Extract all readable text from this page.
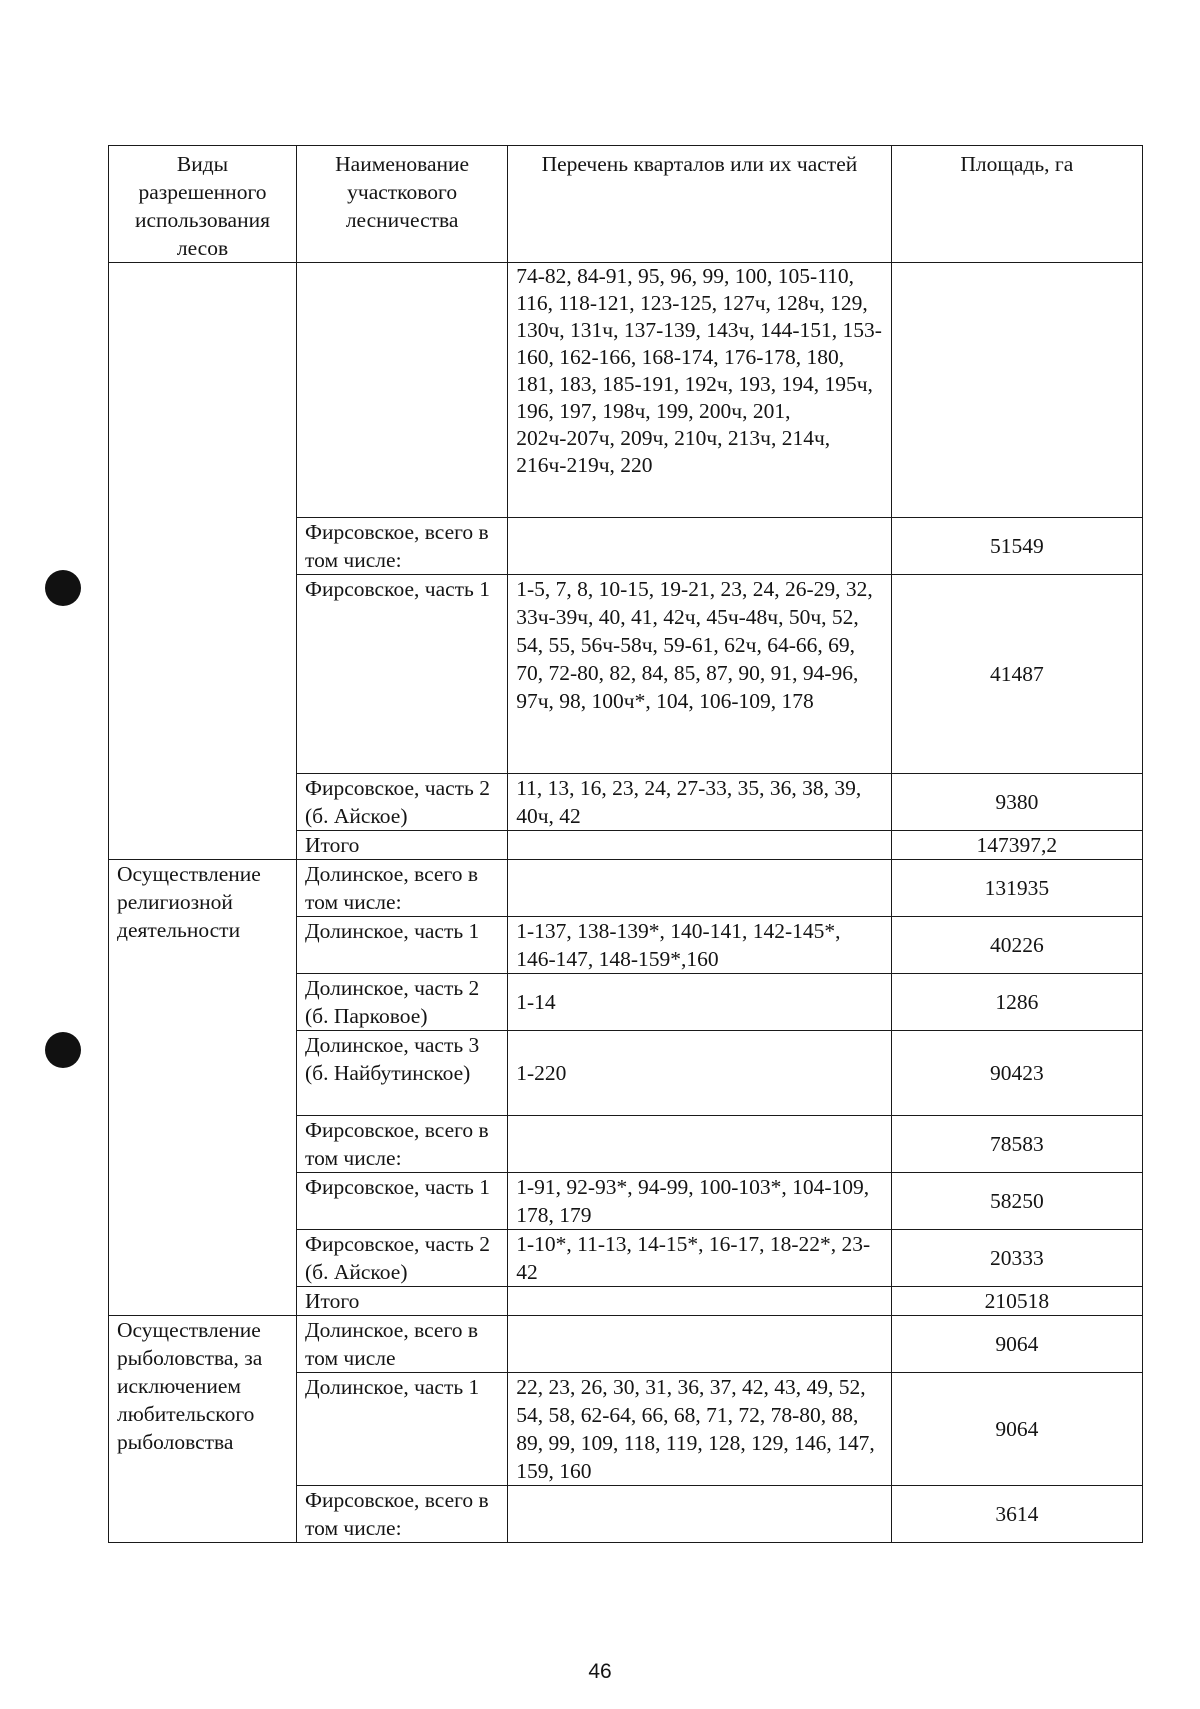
Виды разрешенного использования лесов	Наименование участкового лесничества	Перечень кварталов или их частей	Площадь, га
		74-82, 84-91, 95, 96, 99, 100, 105-110, 116, 118-121, 123-125, 127ч, 128ч, 129, 130ч, 131ч, 137-139, 143ч, 144-151, 153-160, 162-166, 168-174, 176-178, 180, 181, 183, 185-191, 192ч, 193, 194, 195ч, 196, 197, 198ч, 199, 200ч, 201, 202ч-207ч, 209ч, 210ч, 213ч, 214ч, 216ч-219ч, 220	
	Фирсовское, всего в том числе:		51549
	Фирсовское, часть 1	1-5, 7, 8, 10-15, 19-21, 23, 24, 26-29, 32, 33ч-39ч, 40, 41, 42ч, 45ч-48ч, 50ч, 52, 54, 55, 56ч-58ч, 59-61, 62ч, 64-66, 69, 70, 72-80, 82, 84, 85, 87, 90, 91, 94-96, 97ч, 98, 100ч*, 104, 106-109, 178	41487
	Фирсовское, часть 2 (б. Айское)	11, 13, 16, 23, 24, 27-33, 35, 36, 38, 39, 40ч, 42	9380
	Итого		147397,2
Осуществление религиозной деятельности	Долинское, всего в том числе:		131935
	Долинское, часть 1	1-137, 138-139*, 140-141, 142-145*, 146-147, 148-159*,160	40226
	Долинское, часть 2 (б. Парковое)	1-14	1286
	Долинское, часть 3 (б. Найбутинское)	1-220	90423
	Фирсовское, всего в том числе:		78583
	Фирсовское, часть 1	1-91, 92-93*, 94-99, 100-103*, 104-109, 178, 179	58250
	Фирсовское, часть 2 (б. Айское)	1-10*, 11-13, 14-15*, 16-17, 18-22*, 23-42	20333
	Итого		210518
Осуществление рыболовства, за исключением любительского рыболовства	Долинское, всего в том числе		9064
	Долинское, часть 1	22, 23, 26, 30, 31, 36, 37, 42, 43, 49, 52, 54, 58, 62-64, 66, 68, 71, 72, 78-80, 88, 89, 99, 109, 118, 119, 128, 129, 146, 147, 159, 160	9064
	Фирсовское, всего в том числе:		3614
46
